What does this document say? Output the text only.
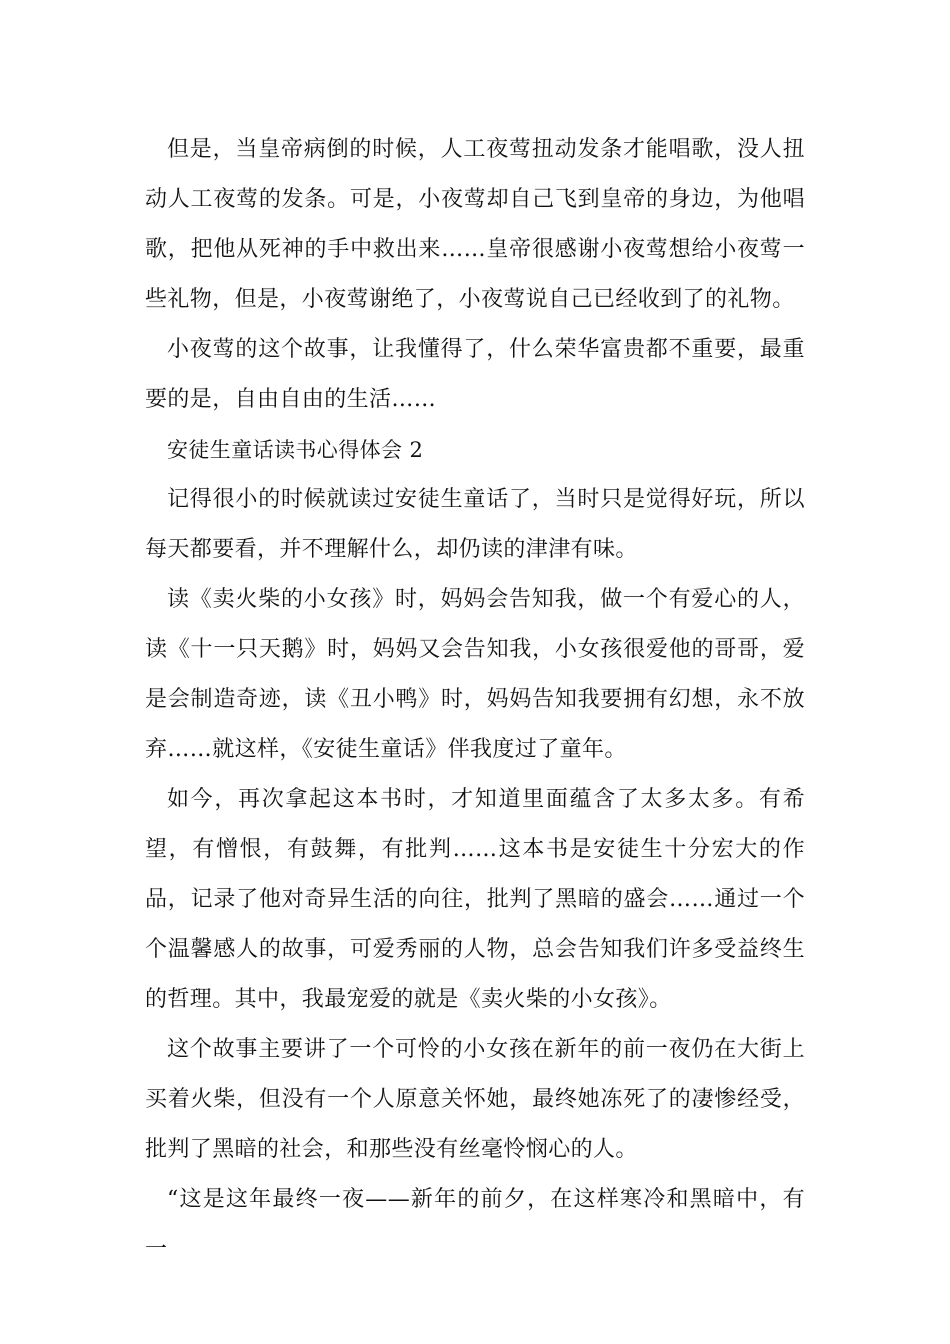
但是，当皇帝病倒的时候，人工夜莺扭动发条才能唱歌，没人扭动人工夜莺的发条。可是，小夜莺却自己飞到皇帝的身边，为他唱歌，把他从死神的手中救出来……皇帝很感谢小夜莺想给小夜莺一些礼物，但是，小夜莺谢绝了，小夜莺说自己已经收到了的礼物。

小夜莺的这个故事，让我懂得了，什么荣华富贵都不重要，最重要的是，自由自由的生活……

安徒生童话读书心得体会 2

记得很小的时候就读过安徒生童话了，当时只是觉得好玩，所以每天都要看，并不理解什么，却仍读的津津有味。

读《卖火柴的小女孩》时，妈妈会告知我，做一个有爱心的人，读《十一只天鹅》时，妈妈又会告知我，小女孩很爱他的哥哥，爱是会制造奇迹，读《丑小鸭》时，妈妈告知我要拥有幻想，永不放弃……就这样，《安徒生童话》伴我度过了童年。

如今，再次拿起这本书时，才知道里面蕴含了太多太多。有希望，有憎恨，有鼓舞，有批判……这本书是安徒生十分宏大的作品，记录了他对奇异生活的向往，批判了黑暗的盛会……通过一个个温馨感人的故事，可爱秀丽的人物，总会告知我们许多受益终生的哲理。其中，我最宠爱的就是《卖火柴的小女孩》。

这个故事主要讲了一个可怜的小女孩在新年的前一夜仍在大街上买着火柴，但没有一个人原意关怀她，最终她冻死了的凄惨经受，批判了黑暗的社会，和那些没有丝毫怜悯心的人。

“这是这年最终一夜——新年的前夕，在这样寒冷和黑暗中，有一
